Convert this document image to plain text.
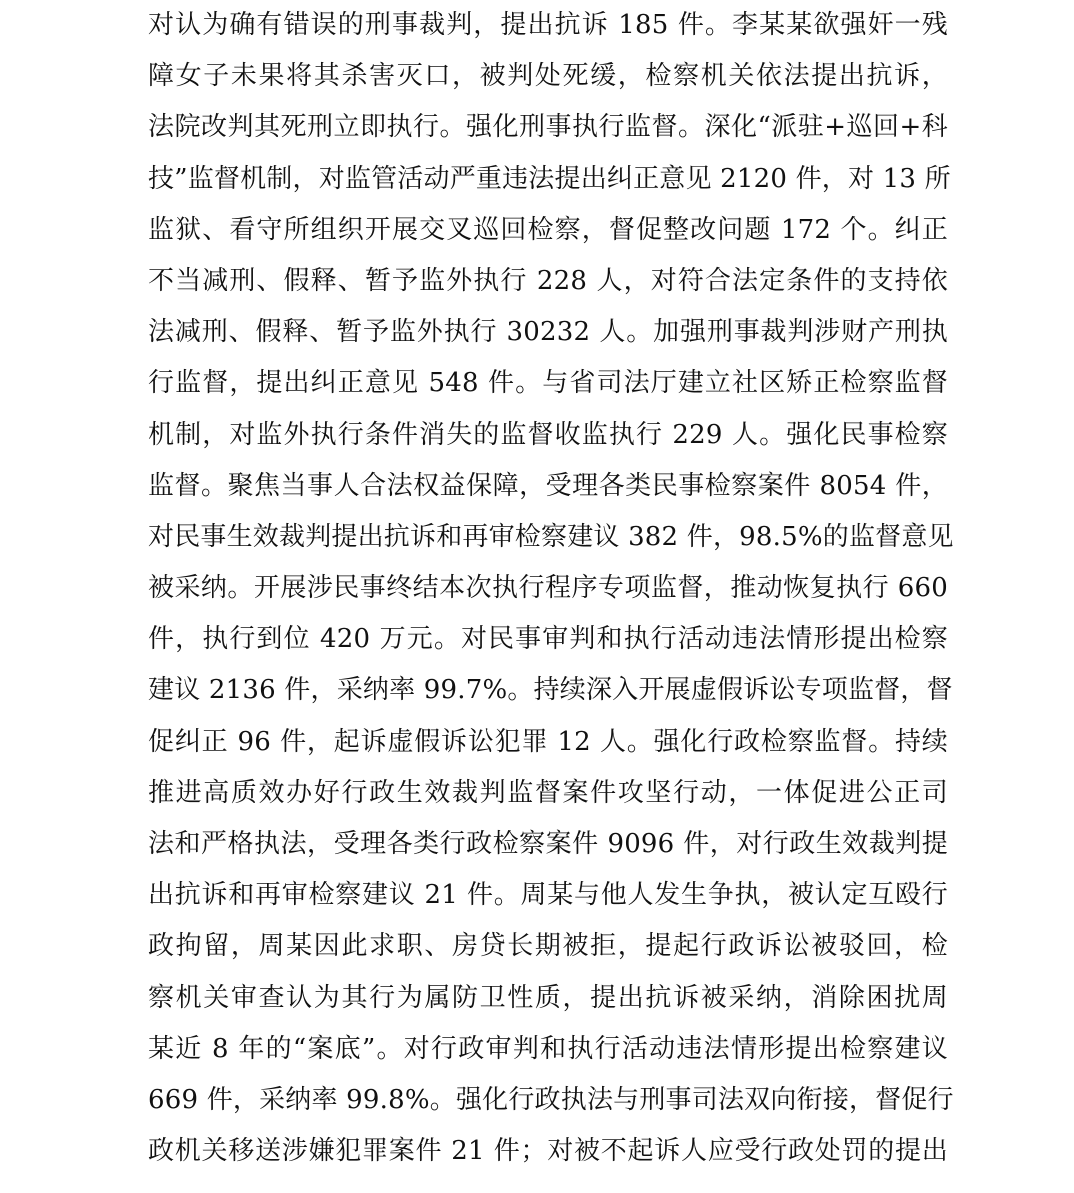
对认为确有错误的刑事裁判，提出抗诉 185 件。李某某欲强奸一残
障女子未果将其杀害灭口，被判处死缓，检察机关依法提出抗诉，
法院改判其死刑立即执行。强化刑事执行监督。深化“派驻+巡回+科
技”监督机制，对监管活动严重违法提出纠正意见 2120 件，对 13 所
监狱、看守所组织开展交叉巡回检察，督促整改问题 172 个。纠正
不当减刑、假释、暂予监外执行 228 人，对符合法定条件的支持依
法减刑、假释、暂予监外执行 30232 人。加强刑事裁判涉财产刑执
行监督，提出纠正意见 548 件。与省司法厅建立社区矫正检察监督
机制，对监外执行条件消失的监督收监执行 229 人。强化民事检察
监督。聚焦当事人合法权益保障，受理各类民事检察案件 8054 件，
对民事生效裁判提出抗诉和再审检察建议 382 件，98.5%的监督意见
被采纳。开展涉民事终结本次执行程序专项监督，推动恢复执行 660
件，执行到位 420 万元。对民事审判和执行活动违法情形提出检察
建议 2136 件，采纳率 99.7%。持续深入开展虚假诉讼专项监督，督
促纠正 96 件，起诉虚假诉讼犯罪 12 人。强化行政检察监督。持续
推进高质效办好行政生效裁判监督案件攻坚行动，一体促进公正司
法和严格执法，受理各类行政检察案件 9096 件，对行政生效裁判提
出抗诉和再审检察建议 21 件。周某与他人发生争执，被认定互殴行
政拘留，周某因此求职、房贷长期被拒，提起行政诉讼被驳回，检
察机关审查认为其行为属防卫性质，提出抗诉被采纳，消除困扰周
某近 8 年的“案底”。对行政审判和执行活动违法情形提出检察建议
669 件，采纳率 99.8%。强化行政执法与刑事司法双向衔接，督促行
政机关移送涉嫌犯罪案件 21 件；对被不起诉人应受行政处罚的提出
